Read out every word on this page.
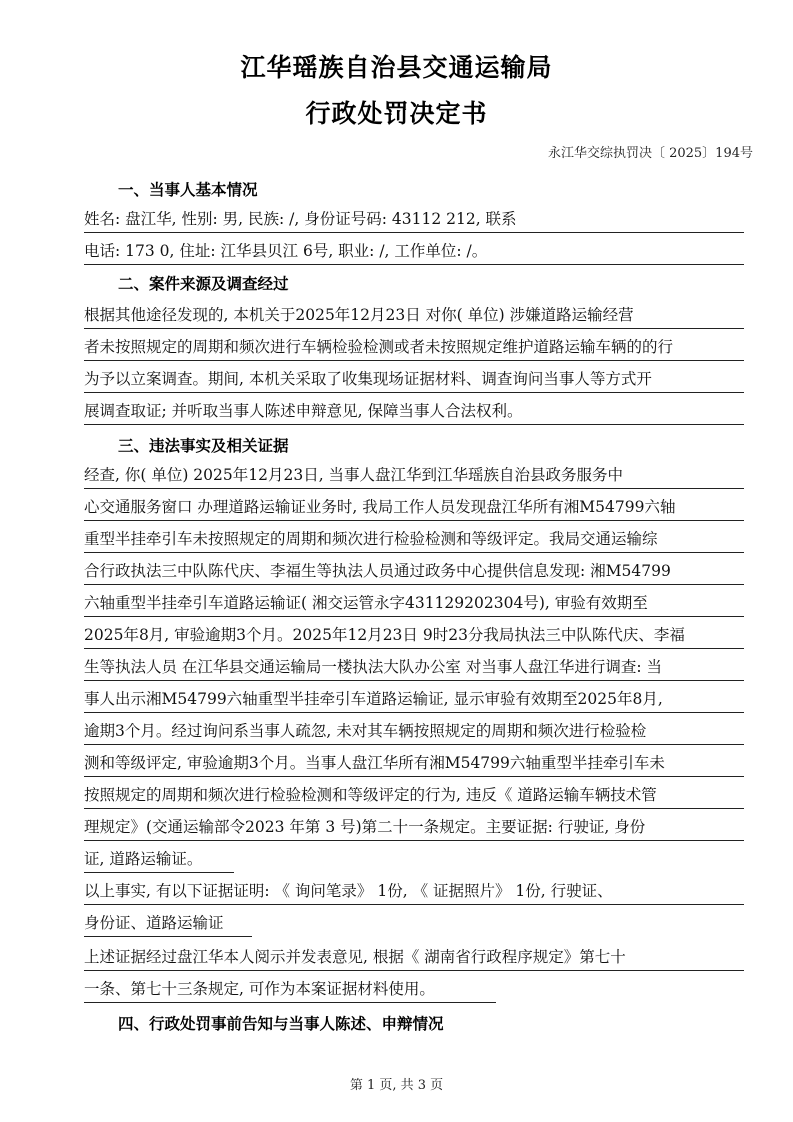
江华瑶族自治县交通运输局
行政处罚决定书
永江华交综执罚决〔 2025〕194号
一、当事人基本情况
姓名: 盘江华, 性别: 男, 民族: /, 身份证号码: 43112 212, 联系
电话: 173 0, 住址: 江华县贝江 6号, 职业: /, 工作单位: /。
二、案件来源及调查经过
根据其他途径发现的, 本机关于2025年12月23日 对你( 单位) 涉嫌道路运输经营
者未按照规定的周期和频次进行车辆检验检测或者未按照规定维护道路运输车辆的的行
为予以立案调查。期间, 本机关采取了收集现场证据材料、调查询问当事人等方式开
展调查取证; 并听取当事人陈述申辩意见, 保障当事人合法权利。
三、违法事实及相关证据
经查, 你( 单位) 2025年12月23日, 当事人盘江华到江华瑶族自治县政务服务中
心交通服务窗口 办理道路运输证业务时, 我局工作人员发现盘江华所有湘M54799六轴
重型半挂牵引车未按照规定的周期和频次进行检验检测和等级评定。我局交通运输综
合行政执法三中队陈代庆、李福生等执法人员通过政务中心提供信息发现: 湘M54799
六轴重型半挂牵引车道路运输证( 湘交运管永字431129202304号), 审验有效期至
2025年8月, 审验逾期3个月。2025年12月23日 9时23分我局执法三中队陈代庆、李福
生等执法人员 在江华县交通运输局一楼执法大队办公室 对当事人盘江华进行调查: 当
事人出示湘M54799六轴重型半挂牵引车道路运输证, 显示审验有效期至2025年8月,
逾期3个月。经过询问系当事人疏忽, 未对其车辆按照规定的周期和频次进行检验检
测和等级评定, 审验逾期3个月。当事人盘江华所有湘M54799六轴重型半挂牵引车未
按照规定的周期和频次进行检验检测和等级评定的行为, 违反《 道路运输车辆技术管
理规定》(交通运输部令2023 年第 3 号)第二十一条规定。主要证据: 行驶证, 身份
证, 道路运输证。
以上事实, 有以下证据证明: 《 询问笔录》 1份, 《 证据照片》 1份, 行驶证、
身份证、道路运输证
上述证据经过盘江华本人阅示并发表意见, 根据《 湖南省行政程序规定》第七十
一条、第七十三条规定, 可作为本案证据材料使用。
四、行政处罚事前告知与当事人陈述、申辩情况
第 1 页, 共 3 页
